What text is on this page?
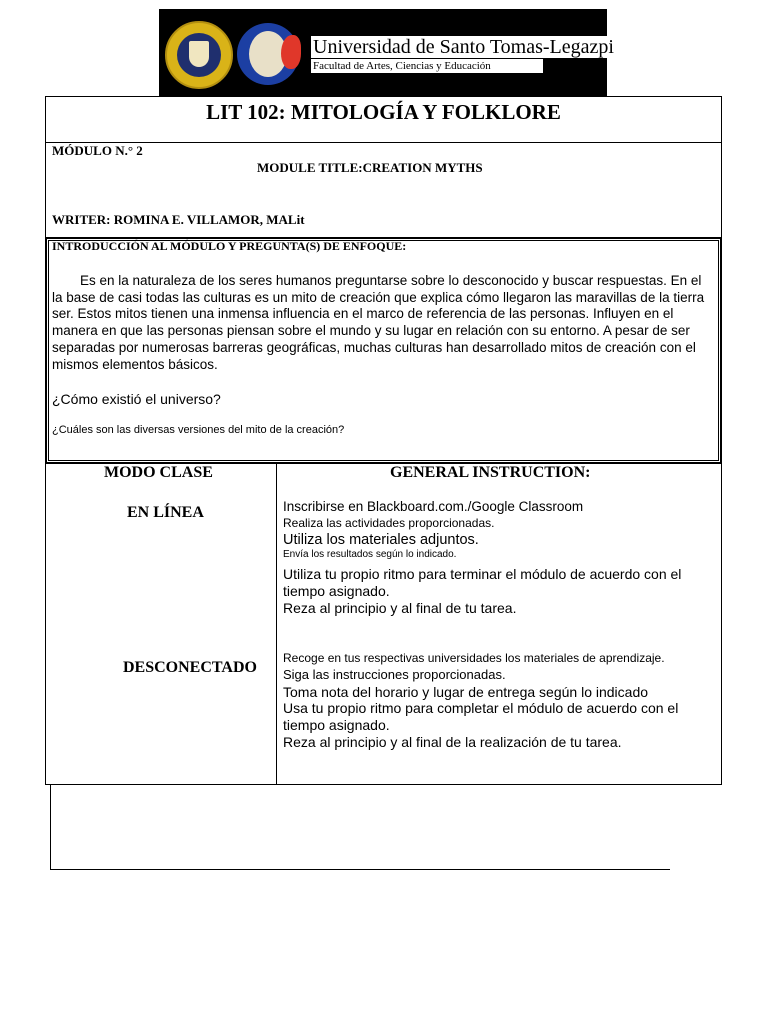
Universidad de Santo Tomas-Legazpi
Facultad de Artes, Ciencias y Educación
LIT 102: MITOLOGÍA Y FOLKLORE
MÓDULO N.° 2
MODULE TITLE:CREATION MYTHS
WRITER: ROMINA E. VILLAMOR, MALit
INTRODUCCIÓN AL MÓDULO Y PREGUNTA(S) DE ENFOQUE:
Es en la naturaleza de los seres humanos preguntarse sobre lo desconocido y buscar respuestas. En el
la base de casi todas las culturas es un mito de creación que explica cómo llegaron las maravillas de la tierra
ser. Estos mitos tienen una inmensa influencia en el marco de referencia de las personas. Influyen en el
manera en que las personas piensan sobre el mundo y su lugar en relación con su entorno. A pesar de ser
separadas por numerosas barreras geográficas, muchas culturas han desarrollado mitos de creación con el
mismos elementos básicos.
¿Cómo existió el universo?
¿Cuáles son las diversas versiones del mito de la creación?
MODO CLASE	GENERAL INSTRUCTION:
EN LÍNEA
DESCONECTADO
Inscribirse en Blackboard.com./Google Classroom
Realiza las actividades proporcionadas.
Utiliza los materiales adjuntos.
Envía los resultados según lo indicado.
Utiliza tu propio ritmo para terminar el módulo de acuerdo con el
tiempo asignado.
Reza al principio y al final de tu tarea.
Recoge en tus respectivas universidades los materiales de aprendizaje.
Siga las instrucciones proporcionadas.
Toma nota del horario y lugar de entrega según lo indicado
Usa tu propio ritmo para completar el módulo de acuerdo con el
tiempo asignado.
Reza al principio y al final de la realización de tu tarea.
